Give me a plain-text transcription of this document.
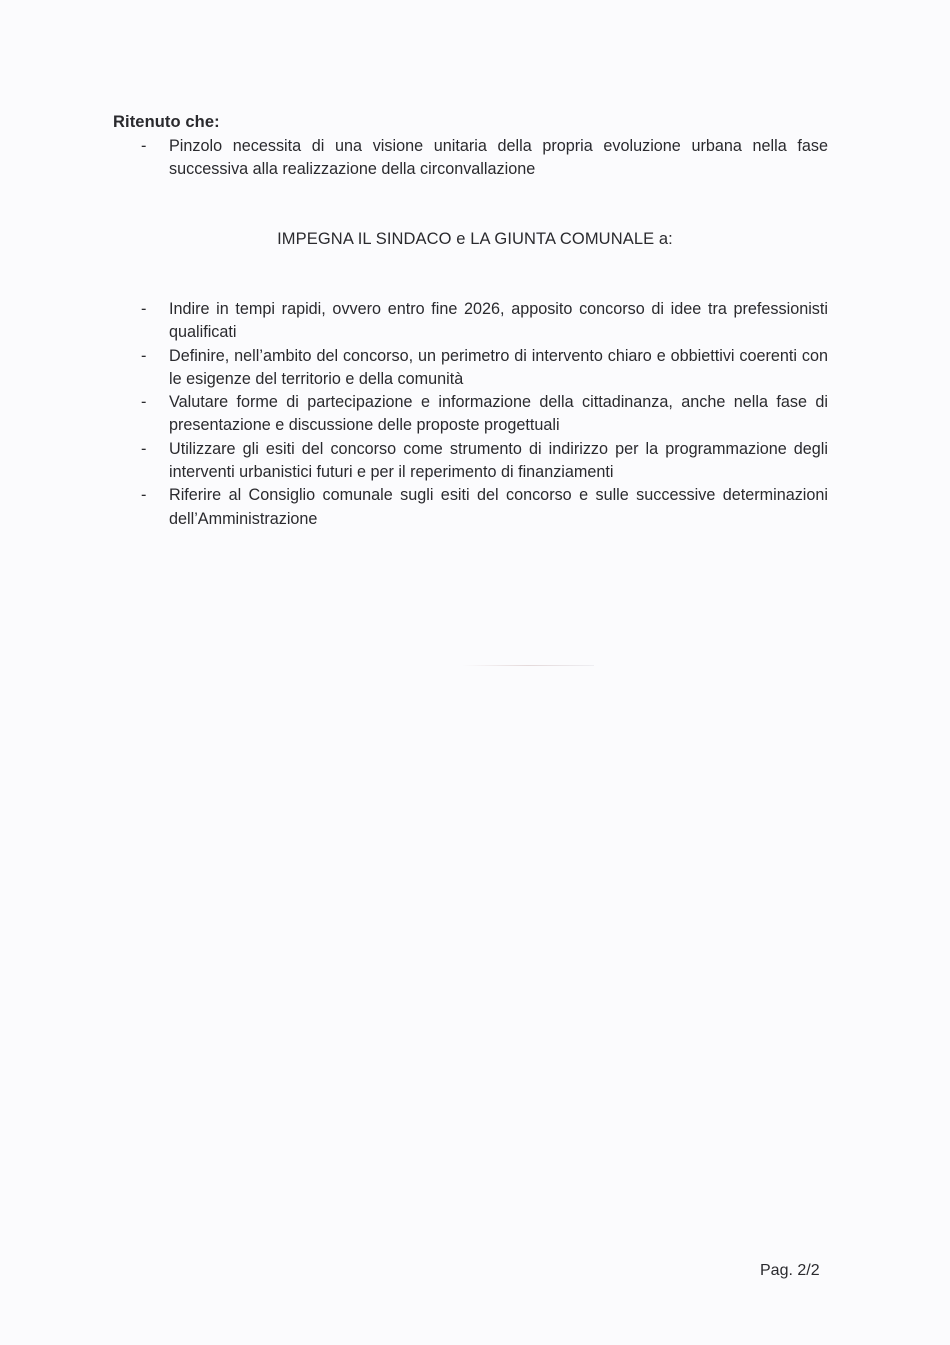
Ritenuto che:
- Pinzolo necessita di una visione unitaria della propria evoluzione urbana nella fase successiva alla realizzazione della circonvallazione
IMPEGNA IL SINDACO e LA GIUNTA COMUNALE a:
- Indire in tempi rapidi, ovvero entro fine 2026, apposito concorso di idee tra prefessionisti qualificati
- Definire, nell’ambito del concorso, un perimetro di intervento chiaro e obbiettivi coerenti con le esigenze del territorio e della comunità
- Valutare forme di partecipazione e informazione della cittadinanza, anche nella fase di presentazione e discussione delle proposte progettuali
- Utilizzare gli esiti del concorso come strumento di indirizzo per la programmazione degli interventi urbanistici futuri e per il reperimento di finanziamenti
- Riferire al Consiglio comunale sugli esiti del concorso e sulle successive determinazioni dell’Amministrazione
Pag. 2/2
